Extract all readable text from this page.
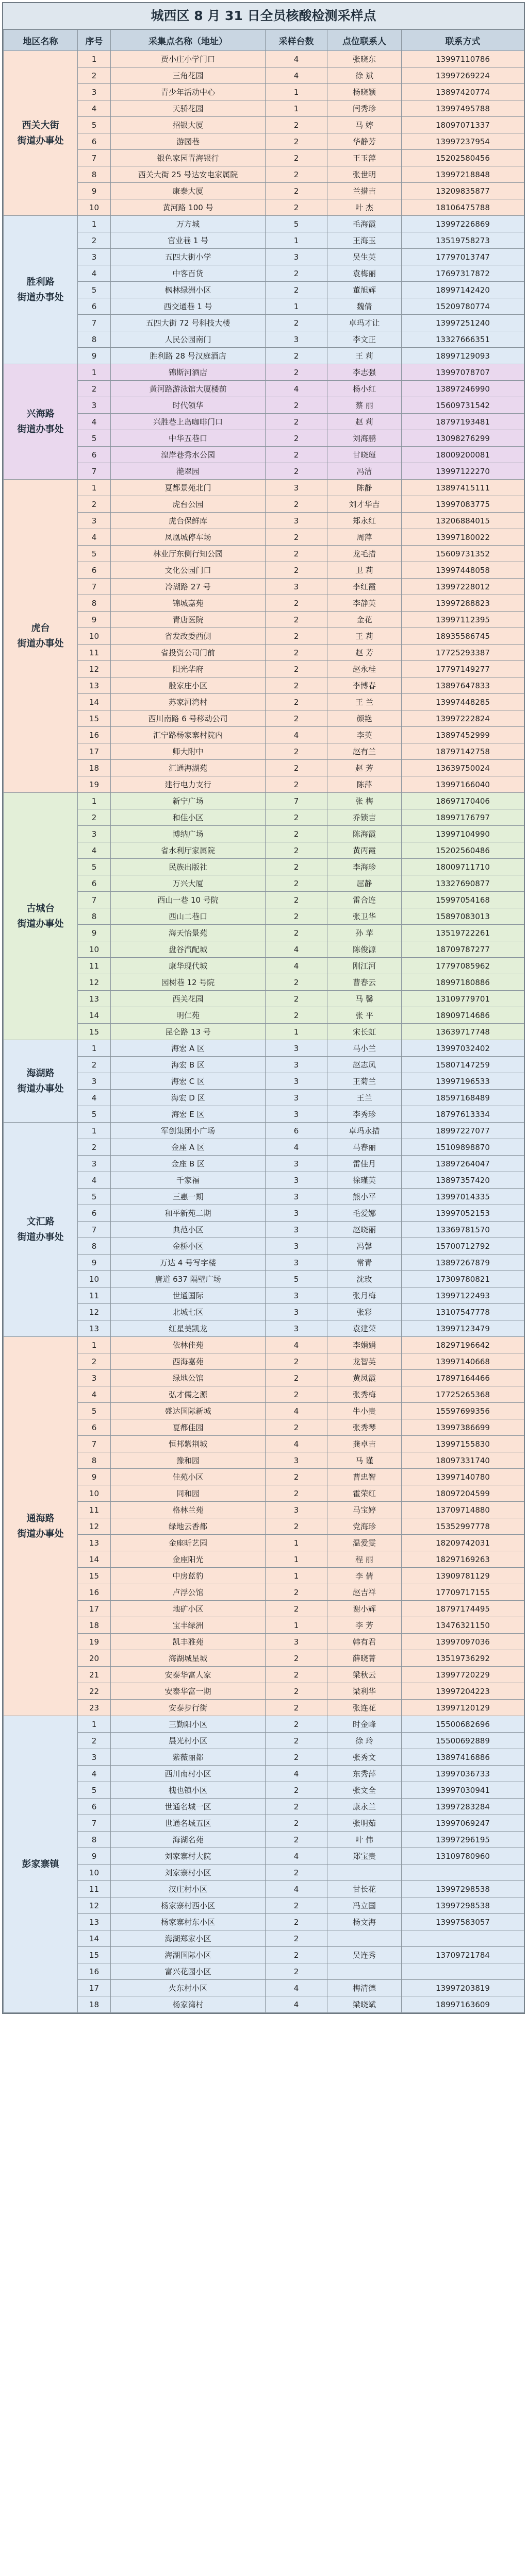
城西区 8 月 31 日全员核酸检测采样点
地区名称	序号	采集点名称（地址）	采样台数	点位联系人	联系方式
西关大街
街道办事处	1	贾小庄小学门口	4	张晓东	13997110786
	2	三角花园	4	徐 斌	13997269224
	3	青少年活动中心	1	杨晓颖	13897420774
	4	天骄花园	1	闫秀珍	13997495788
	5	招银大厦	2	马 婷	18097071337
	6	游园巷	2	华静芳	13997237954
	7	银色家园青海银行	2	王玉萍	15202580456
	8	西关大街 25 号达安电家属院	2	张世明	13997218848
	9	康泰大厦	2	兰措吉	13209835877
	10	黄河路 100 号	2	叶 杰	18106475788
胜利路
街道办事处	1	万方城	5	毛海霞	13997226869
	2	官业巷 1 号	1	王海玉	13519758273
	3	五四大街小学	3	吴生英	17797013747
	4	中客百货	2	袁梅丽	17697317872
	5	枫林绿洲小区	2	董旭辉	18997142420
	6	西交通巷 1 号	1	魏倩	15209780774
	7	五四大街 72 号科技大楼	2	卓玛才让	13997251240
	8	人民公园南门	3	李文正	13327666351
	9	胜利路 28 号汉庭酒店	2	王 莉	18997129093
兴海路
街道办事处	1	锦斯河酒店	2	李志强	13997078707
	2	黄河路游泳馆大厦楼前	4	杨小红	13897246990
	3	时代领华	2	蔡 丽	15609731542
	4	兴胜巷上岛咖啡门口	2	赵 莉	18797193481
	5	中华五巷口	2	刘海鹏	13098276299
	6	湟岸巷秀水公园	2	甘晓瑾	18009200081
	7	滟翠园	2	冯洁	13997122270
虎台
街道办事处	1	夏都景苑北门	3	陈静	13897415111
	2	虎台公园	2	刘才华吉	13997083775
	3	虎台保鲜库	3	郑永红	13206884015
	4	凤凰城停车场	2	周萍	13997180022
	5	林业厅东侧行知公园	2	龙毛措	15609731352
	6	文化公园门口	2	卫 莉	13997448058
	7	冷湖路 27 号	3	李红霞	13997228012
	8	锦城嘉苑	2	李静英	13997288823
	9	青唐医院	2	金花	13997112395
	10	省发改委西侧	2	王 莉	18935586745
	11	省投资公司门前	2	赵 芳	17725293387
	12	阳光华府	2	赵永桂	17797149277
	13	殷家庄小区	2	李博春	13897647833
	14	苏家河湾村	2	王 兰	13997448285
	15	西川南路 6 号移动公司	2	颜艳	13997222824
	16	汇宁路杨家寨村院内	4	李英	13897452999
	17	师大附中	2	赵有兰	18797142758
	18	汇通海湖苑	2	赵 芳	13639750024
	19	建行电力支行	2	陈萍	13997166040
古城台
街道办事处	1	新宁广场	7	张 梅	18697170406
	2	和佳小区	2	乔锁吉	18997176797
	3	博纳广场	2	陈海霞	13997104990
	4	省水利厅家属院	2	黄丙霞	15202560486
	5	民族出版社	2	李海珍	18009711710
	6	万兴大厦	2	屈静	13327690877
	7	西山一巷 10 号院	2	雷合连	15997054168
	8	西山二巷口	2	张卫华	15897083013
	9	海天怡景苑	2	孙 苹	13519722261
	10	盘谷汽配城	4	陈俊源	18709787277
	11	康华现代城	4	刚江河	17797085962
	12	园树巷 12 号院	2	曹春云	18997180886
	13	西关花园	2	马 馨	13109779701
	14	明仁苑	2	张 平	18909714686
	15	昆仑路 13 号	1	宋长虹	13639717748
海湖路
街道办事处	1	海宏 A 区	3	马小兰	13997032402
	2	海宏 B 区	3	赵志凤	15807147259
	3	海宏 C 区	3	王菊兰	13997196533
	4	海宏 D 区	3	王兰	18597168489
	5	海宏 E 区	3	李秀珍	18797613334
文汇路
街道办事处	1	军创集团小广场	6	卓玛永措	18997227077
	2	金座 A 区	4	马春丽	15109898870
	3	金座 B 区	3	雷佳月	13897264047
	4	千家福	3	徐瑾英	13897357420
	5	三惠一期	3	熊小平	13997014335
	6	和平新苑二期	3	毛爱娜	13997052153
	7	典范小区	3	赵晓丽	13369781570
	8	金桥小区	3	冯馨	15700712792
	9	万达 4 号写字楼	3	常青	13897267879
	10	唐道 637 隔壁广场	5	沈玫	17309780821
	11	世通国际	3	张月梅	13997122493
	12	北城七区	3	张彩	13107547778
	13	红星美凯龙	3	袁建荣	13997123479
通海路
街道办事处	1	依林佳苑	4	李娟娟	18297196642
	2	西海嘉苑	2	龙智英	13997140668
	3	绿地公馆	2	黄凤霞	17897164466
	4	弘才儒之源	2	张秀梅	17725265368
	5	盛达国际新城	4	牛小贵	15597699356
	6	夏都佳园	2	张秀琴	13997386699
	7	恒邦紫荆城	4	龚卓吉	13997155830
	8	豫和园	3	马 谨	18097331740
	9	佳苑小区	2	曹忠智	13997140780
	10	同和园	2	霍荣红	18097204599
	11	格林兰苑	3	马宝婷	13709714880
	12	绿地云香都	2	党海珍	15352997778
	13	金座昕艺园	1	温爱雯	18209742031
	14	金座阳光	1	程 丽	18297169263
	15	中房蓝豹	1	李 倩	13909781129
	16	卢浮公馆	2	赵吉祥	17709717155
	17	地矿小区	2	谢小辉	18797174495
	18	宝丰绿洲	1	李 芳	13476321150
	19	凯丰雅苑	3	韩有君	13997097036
	20	海湖城星城	2	薛晓菁	13519736292
	21	安泰华富人家	2	梁秋云	13997720229
	22	安泰华富一期	2	梁利华	13997204223
	23	安泰步行街	2	张连花	13997120129
彭家寨镇	1	三勤阳小区	2	时金峰	15500682696
	2	晨光村小区	2	徐 玲	15500692889
	3	紫薇丽都	2	张秀文	13897416886
	4	西川南村小区	4	东秀萍	13997036733
	5	槐也镇小区	2	张文全	13997030941
	6	世通名城一区	2	康永兰	13997283284
	7	世通名城五区	2	张明茹	13997069247
	8	海湖名苑	2	叶 伟	13997296195
	9	刘家寨村大院	4	郑宝贵	13109780960
	10	刘家寨村小区	2		
	11	汉庄村小区	4	甘长花	13997298538
	12	杨家寨村西小区	2	冯立国	13997298538
	13	杨家寨村东小区	2	杨文海	13997583057
	14	海湖郑家小区	2		
	15	海湖国际小区	2	吴连秀	13709721784
	16	富兴花园小区	2		
	17	火东村小区	4	梅清德	13997203819
	18	杨家湾村	4	梁晓斌	18997163609
